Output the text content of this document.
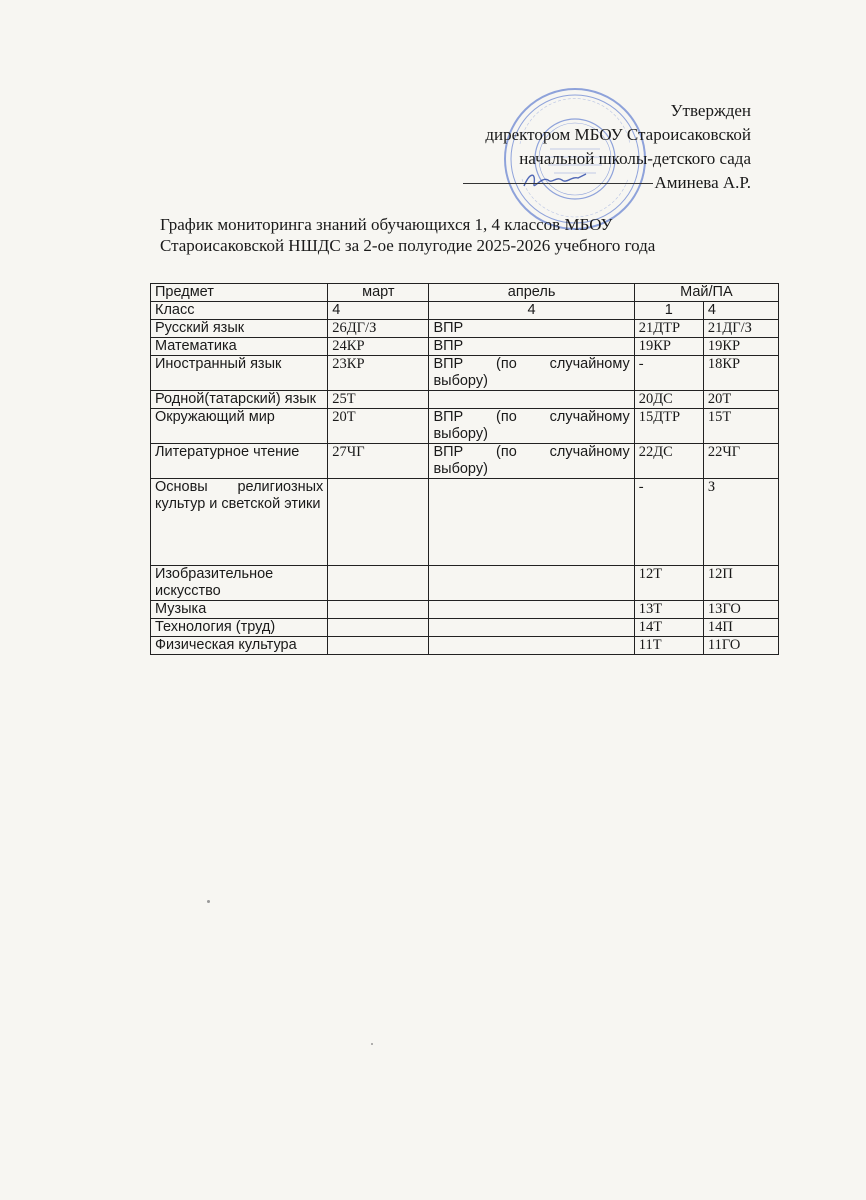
Утвержден
директором МБОУ Староисаковской
начальной школы-детского сада
Аминева А.Р.
График мониторинга знаний обучающихся 1, 4 классов МБОУ
Староисаковской НШДС за 2-ое полугодие 2025-2026 учебного года
Предмет	март	апрель	Май/ПА	
Класс	4	4	1	4
Русский язык	26ДГ/З	ВПР	21ДТР	21ДГ/З
Математика	24КР	ВПР	19КР	19КР
Иностранный язык	23КР	ВПР (по случайному выбору)	-	18КР
Родной(татарский) язык	25Т		20ДС	20Т
Окружающий мир	20Т	ВПР (по случайному выбору)	15ДТР	15Т
Литературное чтение	27ЧГ	ВПР (по случайному выбору)	22ДС	22ЧГ
Основы религиозных культур и светской этики			-	З
Изобразительное искусство			12Т	12П
Музыка			13Т	13ГО
Технология (труд)			14Т	14П
Физическая культура			11Т	11ГО
